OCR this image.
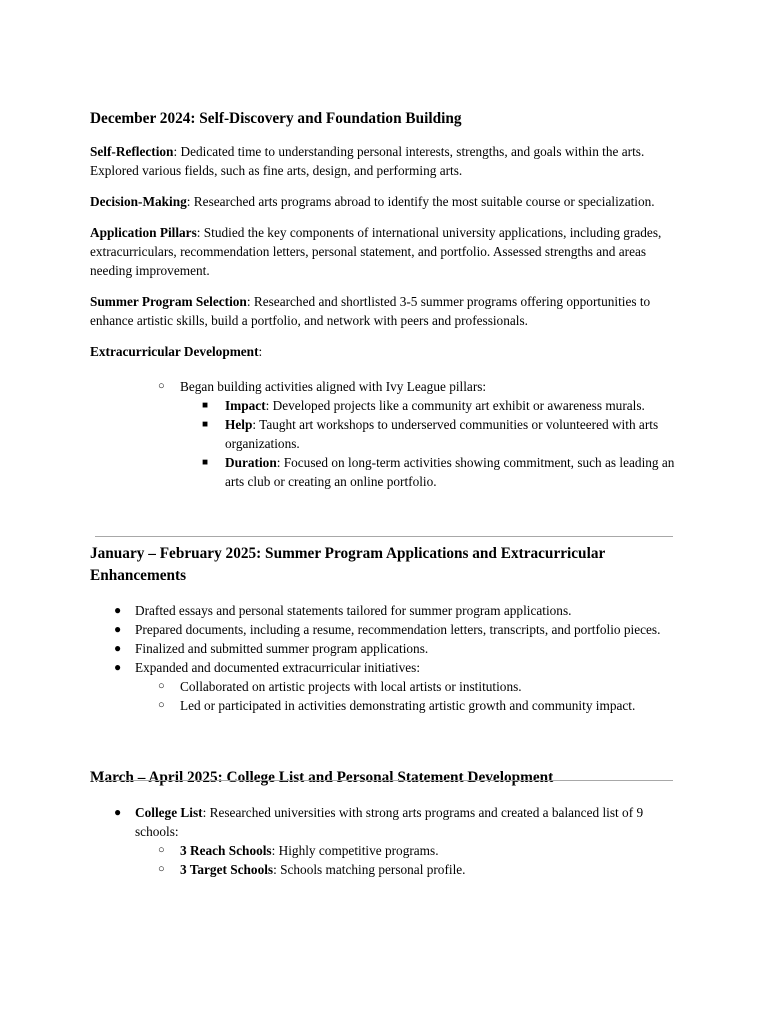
December 2024: Self-Discovery and Foundation Building

Self-Reflection: Dedicated time to understanding personal interests, strengths, and goals within the arts. Explored various fields, such as fine arts, design, and performing arts.

Decision-Making: Researched arts programs abroad to identify the most suitable course or specialization.

Application Pillars: Studied the key components of international university applications, including grades, extracurriculars, recommendation letters, personal statement, and portfolio. Assessed strengths and areas needing improvement.

Summer Program Selection: Researched and shortlisted 3-5 summer programs offering opportunities to enhance artistic skills, build a portfolio, and network with peers and professionals.

Extracurricular Development:

○ Began building activities aligned with Ivy League pillars:
■ Impact: Developed projects like a community art exhibit or awareness murals.
■ Help: Taught art workshops to underserved communities or volunteered with arts organizations.
■ Duration: Focused on long-term activities showing commitment, such as leading an arts club or creating an online portfolio.
January – February 2025: Summer Program Applications and Extracurricular Enhancements
● Drafted essays and personal statements tailored for summer program applications.
● Prepared documents, including a resume, recommendation letters, transcripts, and portfolio pieces.
● Finalized and submitted summer program applications.
● Expanded and documented extracurricular initiatives:
○ Collaborated on artistic projects with local artists or institutions.
○ Led or participated in activities demonstrating artistic growth and community impact.
March – April 2025: College List and Personal Statement Development
● College List: Researched universities with strong arts programs and created a balanced list of 9 schools:
○ 3 Reach Schools: Highly competitive programs.
○ 3 Target Schools: Schools matching personal profile.
